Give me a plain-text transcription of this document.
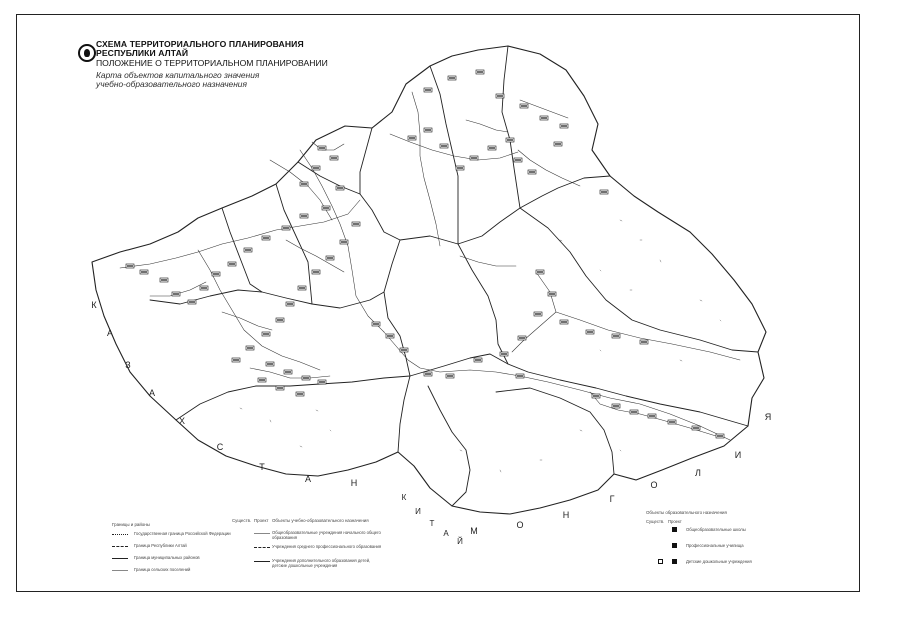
СХЕМА ТЕРРИТОРИАЛЬНОГО ПЛАНИРОВАНИЯ
РЕСПУБЛИКИ АЛТАЙ
ПОЛОЖЕНИЕ О ТЕРРИТОРИАЛЬНОМ ПЛАНИРОВАНИИ
Карта объектов капитального значения
учебно-образовательного назначения
К
А
З
А
Х
С
Т
А	Н
М
О
Н
Г
О
Л
И
Я
К
И
Т
А
Й
Границы и районы
Государственная граница Российской Федерации
Граница Республики Алтай
Граница муниципальных районов
Граница сельских поселений
Существ. Проект Объекты учебно-образовательного назначения
Общеобразовательные учреждения начального общего образования
Учреждения среднего профессионального образования
Учреждения дополнительного образования детей, детские дошкольные учреждения
Объекты образовательного назначения
Существ. Проект
Общеобразовательные школы
Профессиональные училища
Детские дошкольные учреждения
